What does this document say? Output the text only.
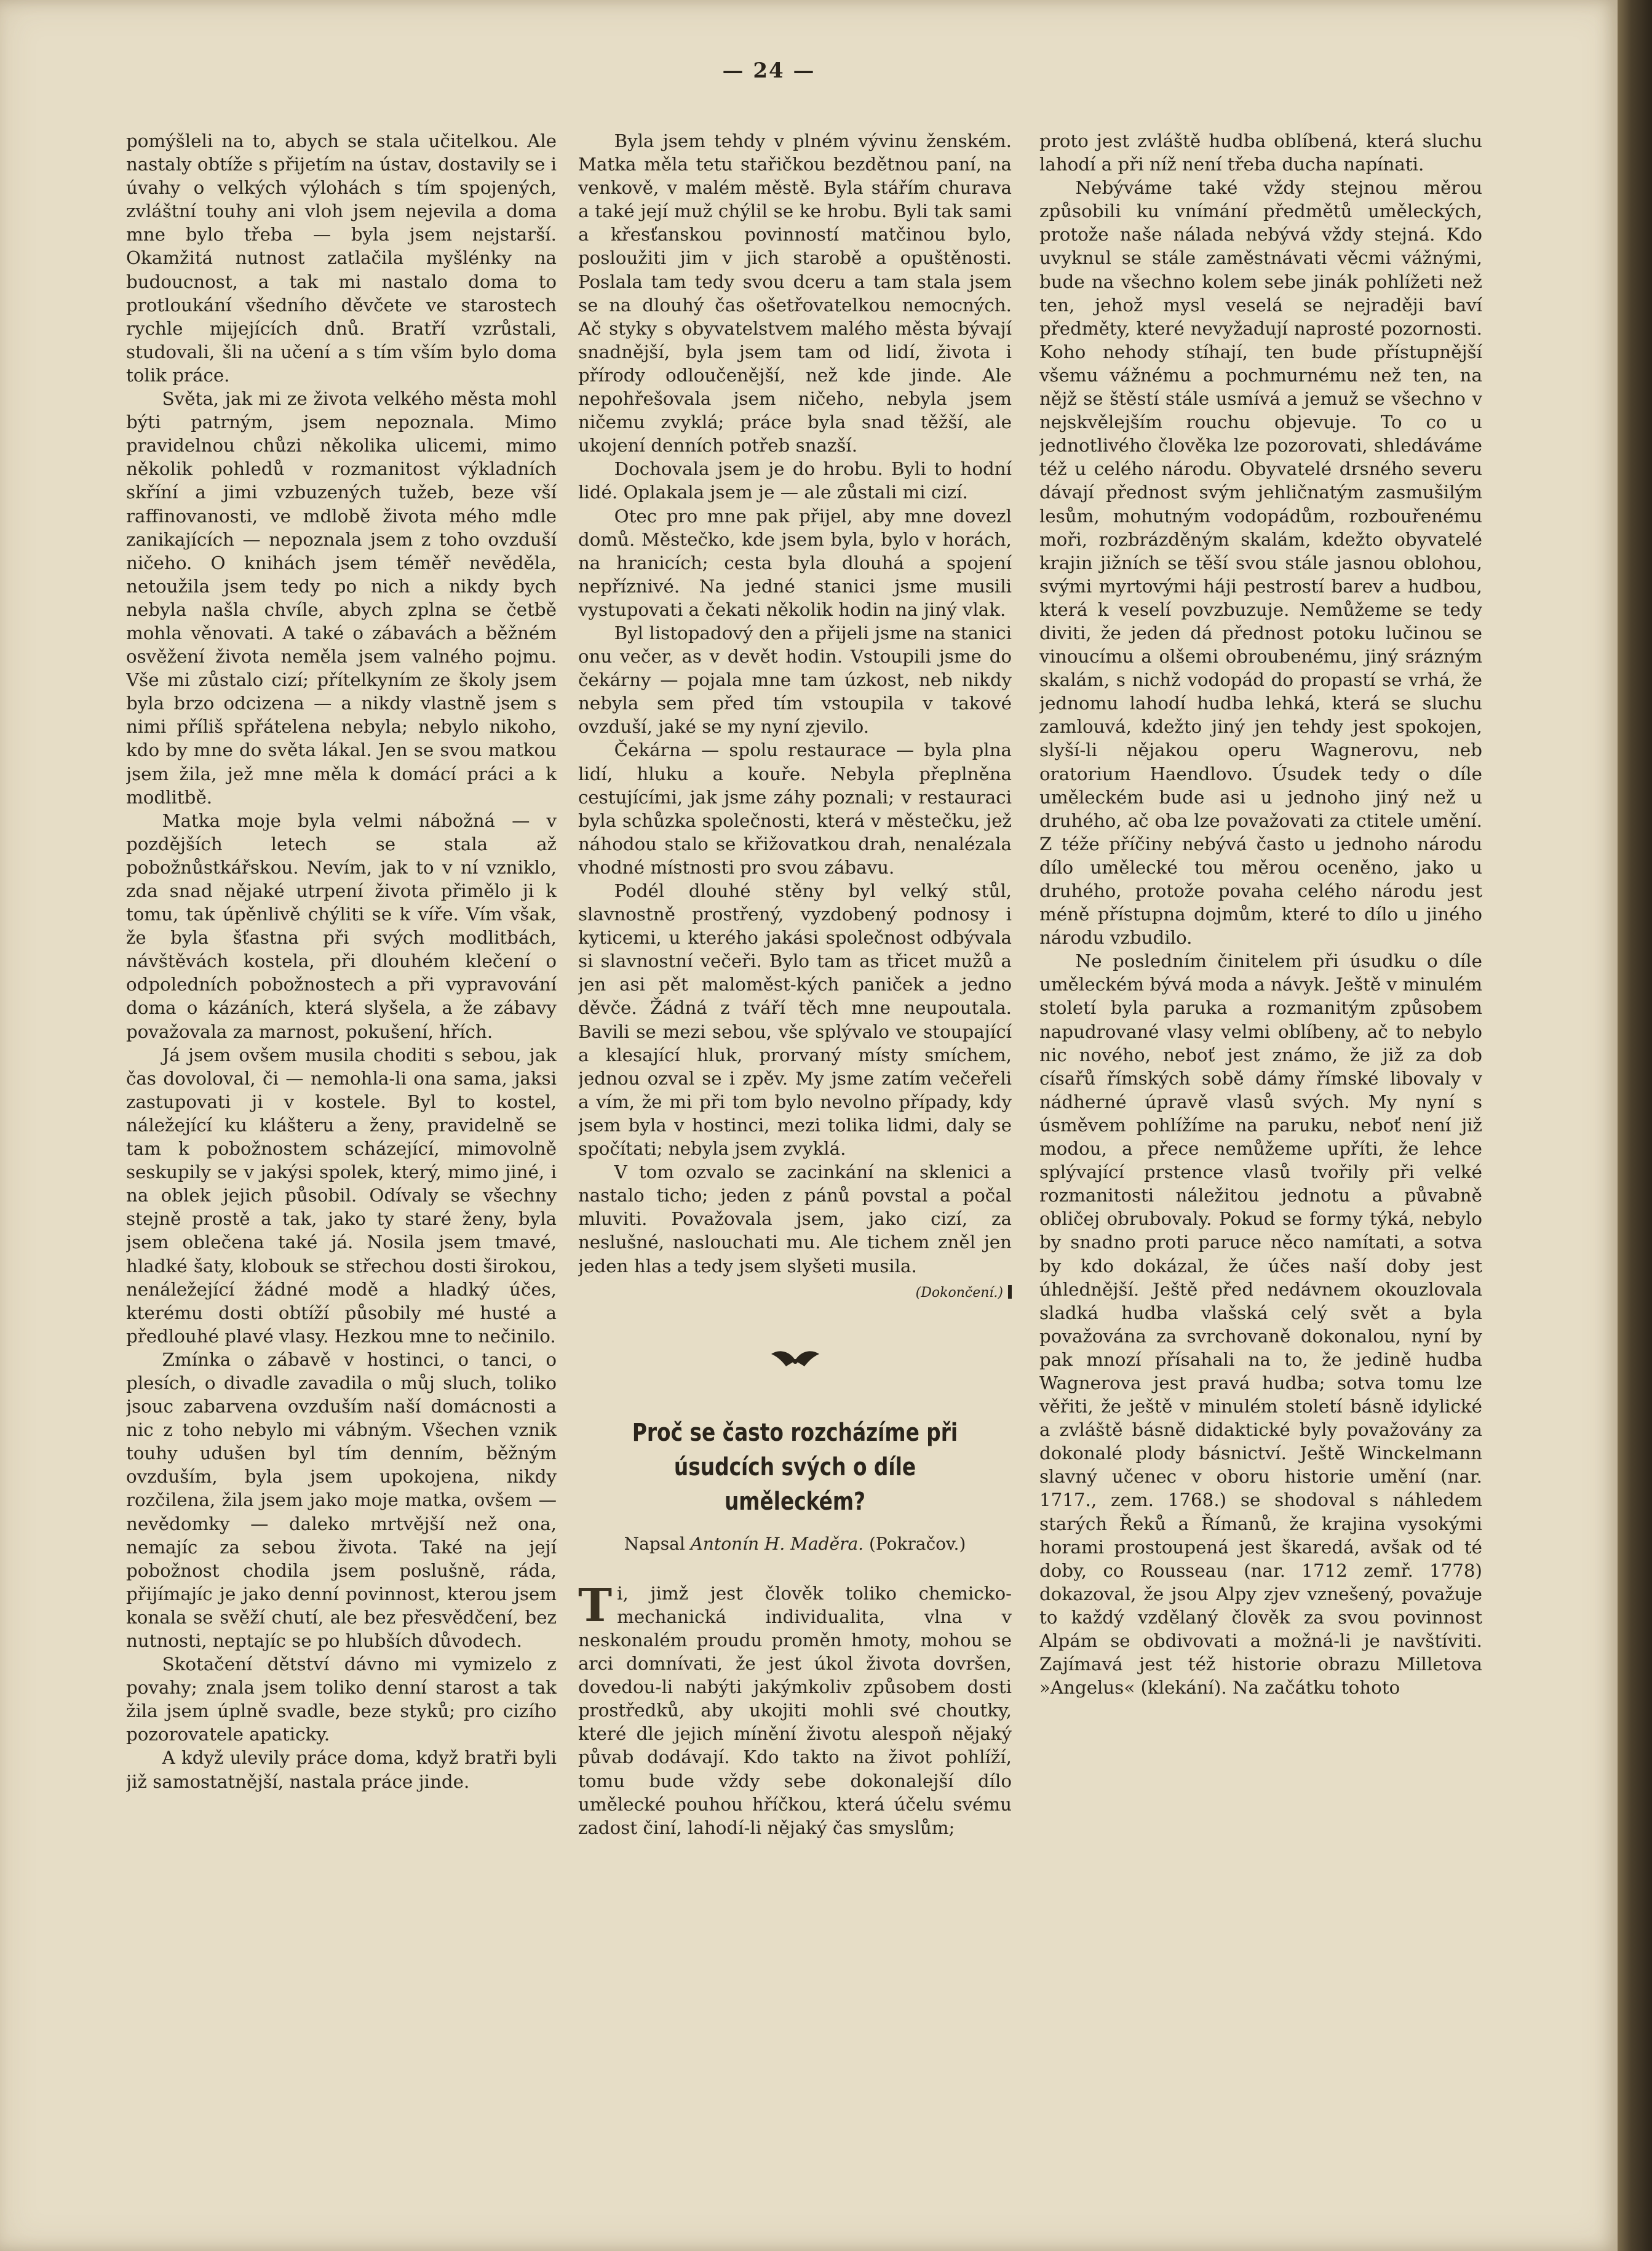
— 24 —

pomýšleli na to, abych se stala učitelkou. Ale nastaly obtíže s přijetím na ústav, dostavily se i úvahy o velkých výlohách s tím spojených, zvláštní touhy ani vloh jsem nejevila a doma mne bylo třeba — byla jsem nejstarší. Okamžitá nutnost zatlačila myšlénky na budoucnost, a tak mi nastalo doma to protloukání všedního děvčete ve starostech rychle mijejících dnů. Bratří vzrůstali, studovali, šli na učení a s tím vším bylo doma tolik práce.

Světa, jak mi ze života velkého města mohl býti patrným, jsem nepoznala. Mimo pravidelnou chůzi několika ulicemi, mimo několik pohledů v rozmanitost výkladních skříní a jimi vzbuzených tužeb, beze vší raffinovanosti, ve mdlobě života mého mdle zanikajících — nepoznala jsem z toho ovzduší ničeho. O knihách jsem téměř nevěděla, netoužila jsem tedy po nich a nikdy bych nebyla našla chvíle, abych zplna se četbě mohla věnovati. A také o zábavách a běžném osvěžení života neměla jsem valného pojmu. Vše mi zůstalo cizí; přítelkyním ze školy jsem byla brzo odcizena — a nikdy vlastně jsem s nimi příliš spřátelena nebyla; nebylo nikoho, kdo by mne do světa lákal. Jen se svou matkou jsem žila, jež mne měla k domácí práci a k modlitbě.

Matka moje byla velmi nábožná — v pozdějších letech se stala až pobožnůstkářskou. Nevím, jak to v ní vzniklo, zda snad nějaké utrpení života přimělo ji k tomu, tak úpěnlivě chýliti se k víře. Vím však, že byla šťastna při svých modlitbách, návštěvách kostela, při dlouhém klečení o odpoledních pobožnostech a při vypravování doma o kázáních, která slyšela, a že zábavy považovala za marnost, pokušení, hřích.

Já jsem ovšem musila choditi s sebou, jak čas dovoloval, či — nemohla-li ona sama, jaksi zastupovati ji v kostele. Byl to kostel, náležející ku klášteru a ženy, pravidelně se tam k pobožnostem scházející, mimovolně seskupily se v jakýsi spolek, který, mimo jiné, i na oblek jejich působil. Odívaly se všechny stejně prostě a tak, jako ty staré ženy, byla jsem oblečena také já. Nosila jsem tmavé, hladké šaty, klobouk se střechou dosti širokou, nenáležející žádné modě a hladký účes, kterému dosti obtíží působily mé husté a předlouhé plavé vlasy. Hezkou mne to nečinilo.

Zmínka o zábavě v hostinci, o tanci, o plesích, o divadle zavadila o můj sluch, toliko jsouc zabarvena ovzduším naší domácnosti a nic z toho nebylo mi vábným. Všechen vznik touhy udušen byl tím denním, běžným ovzduším, byla jsem upokojena, nikdy rozčilena, žila jsem jako moje matka, ovšem — nevědomky — daleko mrtvější než ona, nemajíc za sebou života. Také na její pobožnost chodila jsem poslušně, ráda, přijímajíc je jako denní povinnost, kterou jsem konala se svěží chutí, ale bez přesvědčení, bez nutnosti, neptajíc se po hlubších důvodech.

Skotačení dětství dávno mi vymizelo z povahy; znala jsem toliko denní starost a tak žila jsem úplně svadle, beze styků; pro cizího pozorovatele apaticky.

A když ulevily práce doma, když bratři byli již samostatnější, nastala práce jinde.

Byla jsem tehdy v plném vývinu ženském. Matka měla tetu stařičkou bezdětnou paní, na venkově, v malém městě. Byla stářím churava a také její muž chýlil se ke hrobu. Byli tak sami a křesťanskou povinností matčinou bylo, posloužiti jim v jich starobě a opuštěnosti. Poslala tam tedy svou dceru a tam stala jsem se na dlouhý čas ošetřovatelkou nemocných. Ač styky s obyvatelstvem malého města bývají snadnější, byla jsem tam od lidí, života i přírody odloučenější, než kde jinde. Ale nepohřešovala jsem ničeho, nebyla jsem ničemu zvyklá; práce byla snad těžší, ale ukojení denních potřeb snazší.

Dochovala jsem je do hrobu. Byli to hodní lidé. Oplakala jsem je — ale zůstali mi cizí.

Otec pro mne pak přijel, aby mne dovezl domů. Městečko, kde jsem byla, bylo v horách, na hranicích; cesta byla dlouhá a spojení nepříznivé. Na jedné stanici jsme musili vystupovati a čekati několik hodin na jiný vlak.

Byl listopadový den a přijeli jsme na stanici onu večer, as v devět hodin. Vstoupili jsme do čekárny — pojala mne tam úzkost, neb nikdy nebyla sem před tím vstoupila v takové ovzduší, jaké se my nyní zjevilo.

Čekárna — spolu restaurace — byla plna lidí, hluku a kouře. Nebyla přeplněna cestujícími, jak jsme záhy poznali; v restauraci byla schůzka společnosti, která v městečku, jež náhodou stalo se křižovatkou drah, nenalézala vhodné místnosti pro svou zábavu.

Podél dlouhé stěny byl velký stůl, slavnostně prostřený, vyzdobený podnosy i kyticemi, u kterého jakási společnost odbývala si slavnostní večeři. Bylo tam as třicet mužů a jen asi pět maloměst-kých paniček a jedno děvče. Žádná z tváří těch mne neupoutala. Bavili se mezi sebou, vše splývalo ve stoupající a klesající hluk, prorvaný místy smíchem, jednou ozval se i zpěv. My jsme zatím večeřeli a vím, že mi při tom bylo nevolno případy, kdy jsem byla v hostinci, mezi tolika lidmi, daly se spočítati; nebyla jsem zvyklá.

V tom ozvalo se zacinkání na sklenici a nastalo ticho; jeden z pánů povstal a počal mluviti. Považovala jsem, jako cizí, za neslušné, naslouchati mu. Ale tichem zněl jen jeden hlas a tedy jsem slyšeti musila.

(Dokončení.)
Proč se často rozcházíme při úsudcích svých o díle uměleckém?
Napsal Antonín H. Maděra. (Pokračov.)
T i, jimž jest člověk toliko chemicko-mechanická individualita, vlna v neskonalém proudu proměn hmoty, mohou se arci domnívati, že jest úkol života dovršen, dovedou-li nabýti jakýmkoliv způsobem dosti prostředků, aby ukojiti mohli své choutky, které dle jejich mínění životu alespoň nějaký půvab dodávají. Kdo takto na život pohlíží, tomu bude vždy sebe dokonalejší dílo umělecké pouhou hříčkou, která účelu svému zadost činí, lahodí-li nějaký čas smyslům;

proto jest zvláště hudba oblíbená, která sluchu lahodí a při níž není třeba ducha napínati.

Nebýváme také vždy stejnou měrou způsobili ku vnímání předmětů uměleckých, protože naše nálada nebývá vždy stejná. Kdo uvyknul se stále zaměstnávati věcmi vážnými, bude na všechno kolem sebe jinák pohlížeti než ten, jehož mysl veselá se nejraději baví předměty, které nevyžadují naprosté pozornosti. Koho nehody stíhají, ten bude přístupnější všemu vážnému a pochmurnému než ten, na nějž se štěstí stále usmívá a jemuž se všechno v nejskvělejším rouchu objevuje. To co u jednotlivého člověka lze pozorovati, shledáváme též u celého národu. Obyvatelé drsného severu dávají přednost svým jehličnatým zasmušilým lesům, mohutným vodopádům, rozbouřenému moři, rozbrázděným skalám, kdežto obyvatelé krajin jižních se těší svou stále jasnou oblohou, svými myrtovými háji pestrostí barev a hudbou, která k veselí povzbuzuje. Nemůžeme se tedy diviti, že jeden dá přednost potoku lučinou se vinoucímu a olšemi obroubenému, jiný srázným skalám, s nichž vodopád do propastí se vrhá, že jednomu lahodí hudba lehká, která se sluchu zamlouvá, kdežto jiný jen tehdy jest spokojen, slyší-li nějakou operu Wagnerovu, neb oratorium Haendlovo. Úsudek tedy o díle uměleckém bude asi u jednoho jiný než u druhého, ač oba lze považovati za ctitele umění. Z téže příčiny nebývá často u jednoho národu dílo umělecké tou měrou oceněno, jako u druhého, protože povaha celého národu jest méně přístupna dojmům, které to dílo u jiného národu vzbudilo.

Ne posledním činitelem při úsudku o díle uměleckém bývá moda a návyk. Ještě v minulém století byla paruka a rozmanitým způsobem napudrované vlasy velmi oblíbeny, ač to nebylo nic nového, neboť jest známo, že již za dob císařů římských sobě dámy římské libovaly v nádherné úpravě vlasů svých. My nyní s úsměvem pohlížíme na paruku, neboť není již modou, a přece nemůžeme upříti, že lehce splývající prstence vlasů tvořily při velké rozmanitosti náležitou jednotu a půvabně obličej obrubovaly. Pokud se formy týká, nebylo by snadno proti paruce něco namítati, a sotva by kdo dokázal, že účes naší doby jest úhlednější. Ještě před nedávnem okouzlovala sladká hudba vlašská celý svět a byla považována za svrchovaně dokonalou, nyní by pak mnozí přísahali na to, že jedině hudba Wagnerova jest pravá hudba; sotva tomu lze věřiti, že ještě v minulém století básně idylické a zvláště básně didaktické byly považovány za dokonalé plody básnictví. Ještě Winckelmann slavný učenec v oboru historie umění (nar. 1717., zem. 1768.) se shodoval s náhledem starých Řeků a Římanů, že krajina vysokými horami prostoupená jest škaredá, avšak od té doby, co Rousseau (nar. 1712 zemř. 1778) dokazoval, že jsou Alpy zjev vznešený, považuje to každý vzdělaný člověk za svou povinnost Alpám se obdivovati a možná-li je navštíviti. Zajímavá jest též historie obrazu Milletova »Angelus« (klekání). Na začátku tohoto
